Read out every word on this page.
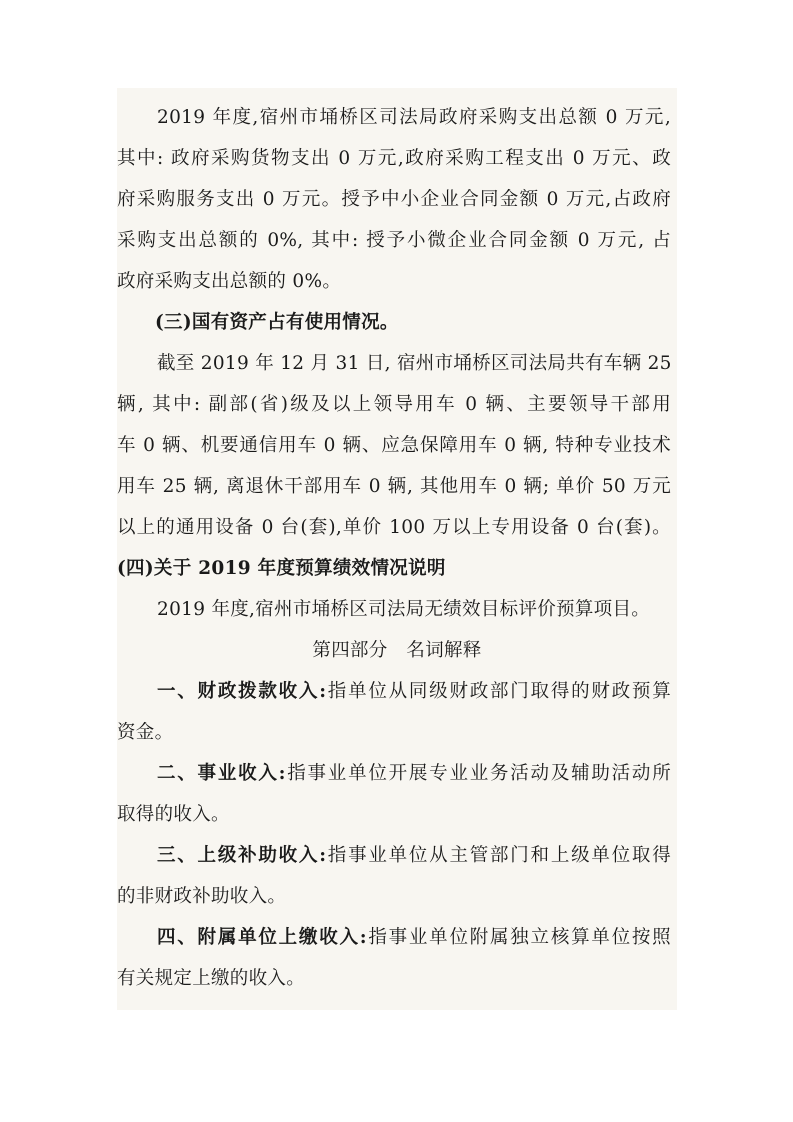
2019 年度,宿州市埇桥区司法局政府采购支出总额 0 万元,
其中: 政府采购货物支出 0 万元,政府采购工程支出 0 万元、政
府采购服务支出 0 万元。授予中小企业合同金额 0 万元,占政府
采购支出总额的 0%, 其中: 授予小微企业合同金额 0 万元, 占
政府采购支出总额的 0%。
(三)国有资产占有使用情况。
截至 2019 年 12 月 31 日, 宿州市埇桥区司法局共有车辆 25
辆, 其中: 副部(省)级及以上领导用车 0 辆、主要领导干部用
车 0 辆、机要通信用车 0 辆、应急保障用车 0 辆, 特种专业技术
用车 25 辆, 离退休干部用车 0 辆, 其他用车 0 辆; 单价 50 万元
以上的通用设备 0 台(套),单价 100 万以上专用设备 0 台(套)。
(四)关于 2019 年度预算绩效情况说明
2019 年度,宿州市埇桥区司法局无绩效目标评价预算项目。
第四部分　名词解释
一、财政拨款收入:指单位从同级财政部门取得的财政预算
资金。
二、事业收入:指事业单位开展专业业务活动及辅助活动所
取得的收入。
三、上级补助收入:指事业单位从主管部门和上级单位取得
的非财政补助收入。
四、附属单位上缴收入:指事业单位附属独立核算单位按照
有关规定上缴的收入。
